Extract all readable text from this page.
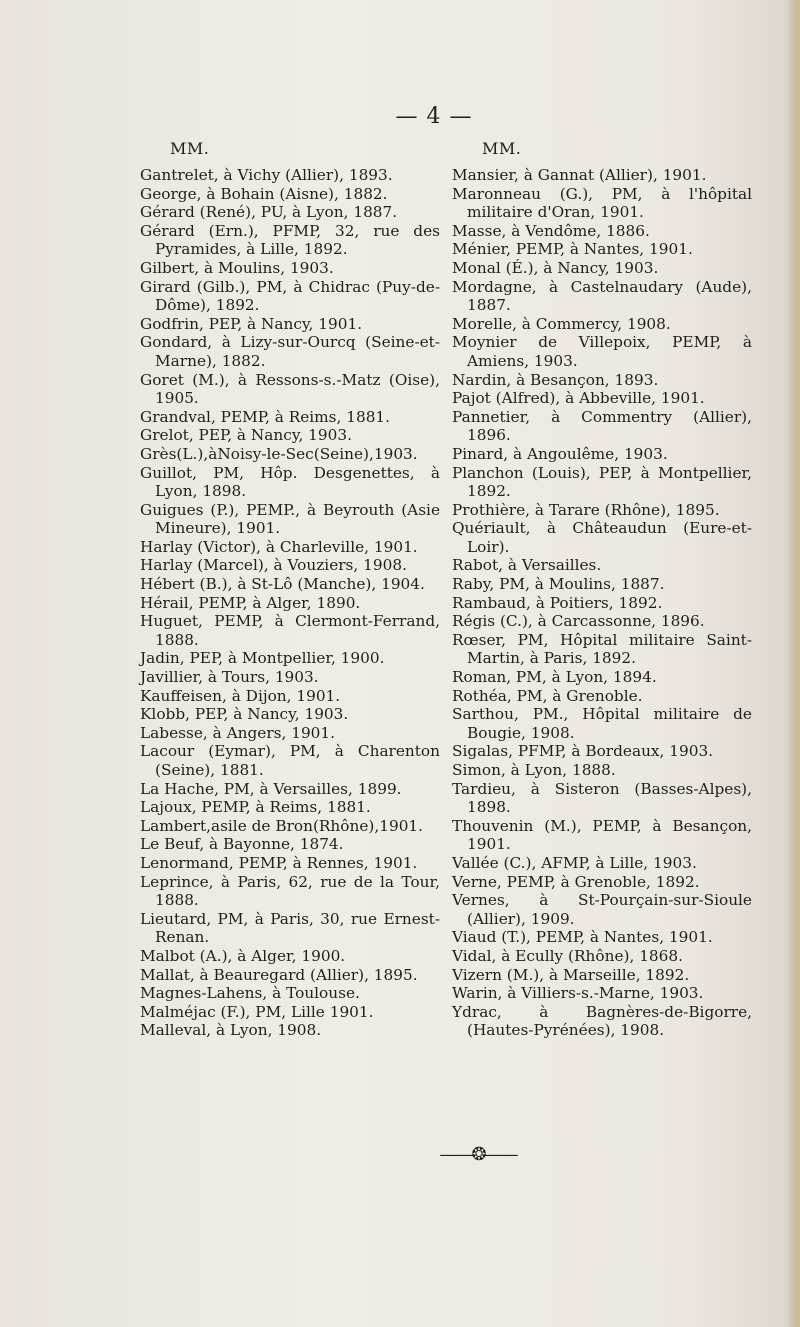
— 4 —
MM.
Gantrelet, à Vichy (Allier), 1893.
George, à Bohain (Aisne), 1882.
Gérard (René), PU, à Lyon, 1887.
Gérard (Ern.), PFMP, 32, rue des Pyramides, à Lille, 1892.
Gilbert, à Moulins, 1903.
Girard (Gilb.), PM, à Chidrac (Puy-de-Dôme), 1892.
Godfrin, PEP, à Nancy, 1901.
Gondard, à Lizy-sur-Ourcq (Seine-et-Marne), 1882.
Goret (M.), à Ressons-s.-Matz (Oise), 1905.
Grandval, PEMP, à Reims, 1881.
Grelot, PEP, à Nancy, 1903.
Grès(L.),àNoisy-le-Sec(Seine),1903.
Guillot, PM, Hôp. Desgenettes, à Lyon, 1898.
Guigues (P.), PEMP., à Beyrouth (Asie Mineure), 1901.
Harlay (Victor), à Charleville, 1901.
Harlay (Marcel), à Vouziers, 1908.
Hébert (B.), à St-Lô (Manche), 1904.
Hérail, PEMP, à Alger, 1890.
Huguet, PEMP, à Clermont-Ferrand, 1888.
Jadin, PEP, à Montpellier, 1900.
Javillier, à Tours, 1903.
Kauffeisen, à Dijon, 1901.
Klobb, PEP, à Nancy, 1903.
Labesse, à Angers, 1901.
Lacour (Eymar), PM, à Charenton (Seine), 1881.
La Hache, PM, à Versailles, 1899.
Lajoux, PEMP, à Reims, 1881.
Lambert,asile de Bron(Rhône),1901.
Le Beuf, à Bayonne, 1874.
Lenormand, PEMP, à Rennes, 1901.
Leprince, à Paris, 62, rue de la Tour, 1888.
Lieutard, PM, à Paris, 30, rue Ernest-Renan.
Malbot (A.), à Alger, 1900.
Mallat, à Beauregard (Allier), 1895.
Magnes-Lahens, à Toulouse.
Malméjac (F.), PM, Lille 1901.
Malleval, à Lyon, 1908.
MM.
Mansier, à Gannat (Allier), 1901.
Maronneau (G.), PM, à l'hôpital militaire d'Oran, 1901.
Masse, à Vendôme, 1886.
Ménier, PEMP, à Nantes, 1901.
Monal (É.), à Nancy, 1903.
Mordagne, à Castelnaudary (Aude), 1887.
Morelle, à Commercy, 1908.
Moynier de Villepoix, PEMP, à Amiens, 1903.
Nardin, à Besançon, 1893.
Pajot (Alfred), à Abbeville, 1901.
Pannetier, à Commentry (Allier), 1896.
Pinard, à Angoulême, 1903.
Planchon (Louis), PEP, à Montpellier, 1892.
Prothière, à Tarare (Rhône), 1895.
Quériault, à Châteaudun (Eure-et-Loir).
Rabot, à Versailles.
Raby, PM, à Moulins, 1887.
Rambaud, à Poitiers, 1892.
Régis (C.), à Carcassonne, 1896.
Rœser, PM, Hôpital militaire Saint-Martin, à Paris, 1892.
Roman, PM, à Lyon, 1894.
Rothéa, PM, à Grenoble.
Sarthou, PM., Hôpital militaire de Bougie, 1908.
Sigalas, PFMP, à Bordeaux, 1903.
Simon, à Lyon, 1888.
Tardieu, à Sisteron (Basses-Alpes), 1898.
Thouvenin (M.), PEMP, à Besançon, 1901.
Vallée (C.), AFMP, à Lille, 1903.
Verne, PEMP, à Grenoble, 1892.
Vernes, à St-Pourçain-sur-Sioule (Allier), 1909.
Viaud (T.), PEMP, à Nantes, 1901.
Vidal, à Ecully (Rhône), 1868.
Vizern (M.), à Marseille, 1892.
Warin, à Villiers-s.-Marne, 1903.
Ydrac, à Bagnères-de-Bigorre, (Hautes-Pyrénées), 1908.
——❂——
